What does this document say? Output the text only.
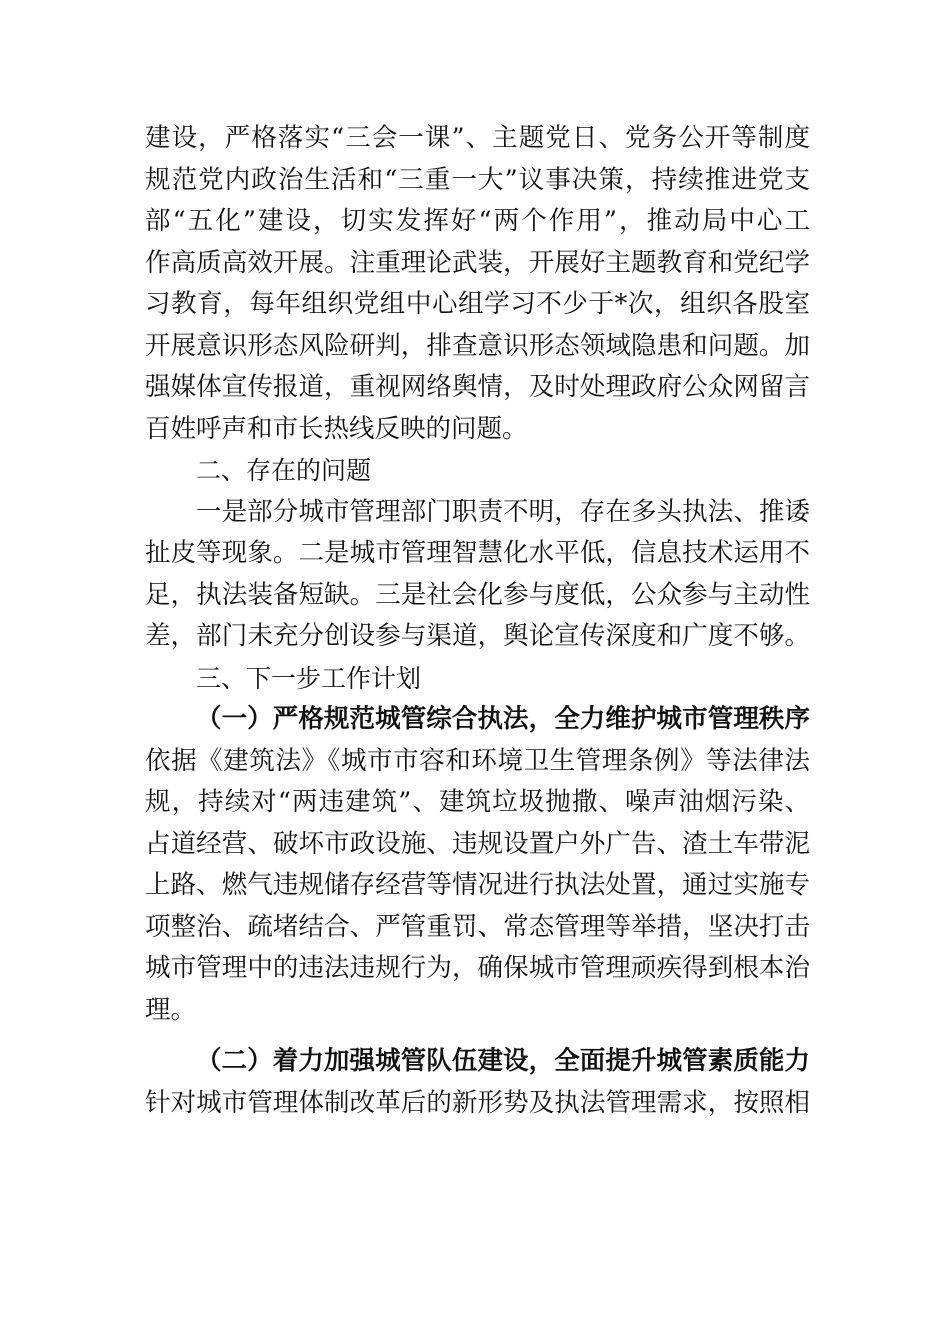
建设，严格落实“三会一课”、主题党日、党务公开等制度
规范党内政治生活和“三重一大”议事决策，持续推进党支
部“五化”建设，切实发挥好“两个作用”，推动局中心工
作高质高效开展。注重理论武装，开展好主题教育和党纪学
习教育，每年组织党组中心组学习不少于*次，组织各股室
开展意识形态风险研判，排查意识形态领域隐患和问题。加
强媒体宣传报道，重视网络舆情，及时处理政府公众网留言
百姓呼声和市长热线反映的问题。
二、存在的问题
一是部分城市管理部门职责不明，存在多头执法、推诿
扯皮等现象。二是城市管理智慧化水平低，信息技术运用不
足，执法装备短缺。三是社会化参与度低，公众参与主动性
差，部门未充分创设参与渠道，舆论宣传深度和广度不够。
三、下一步工作计划
（一）严格规范城管综合执法，全力维护城市管理秩序
依据《建筑法》《城市市容和环境卫生管理条例》等法律法
规，持续对“两违建筑”、建筑垃圾抛撒、噪声油烟污染、
占道经营、破坏市政设施、违规设置户外广告、渣土车带泥
上路、燃气违规储存经营等情况进行执法处置，通过实施专
项整治、疏堵结合、严管重罚、常态管理等举措，坚决打击
城市管理中的违法违规行为，确保城市管理顽疾得到根本治
理。
（二）着力加强城管队伍建设，全面提升城管素质能力
针对城市管理体制改革后的新形势及执法管理需求，按照相
